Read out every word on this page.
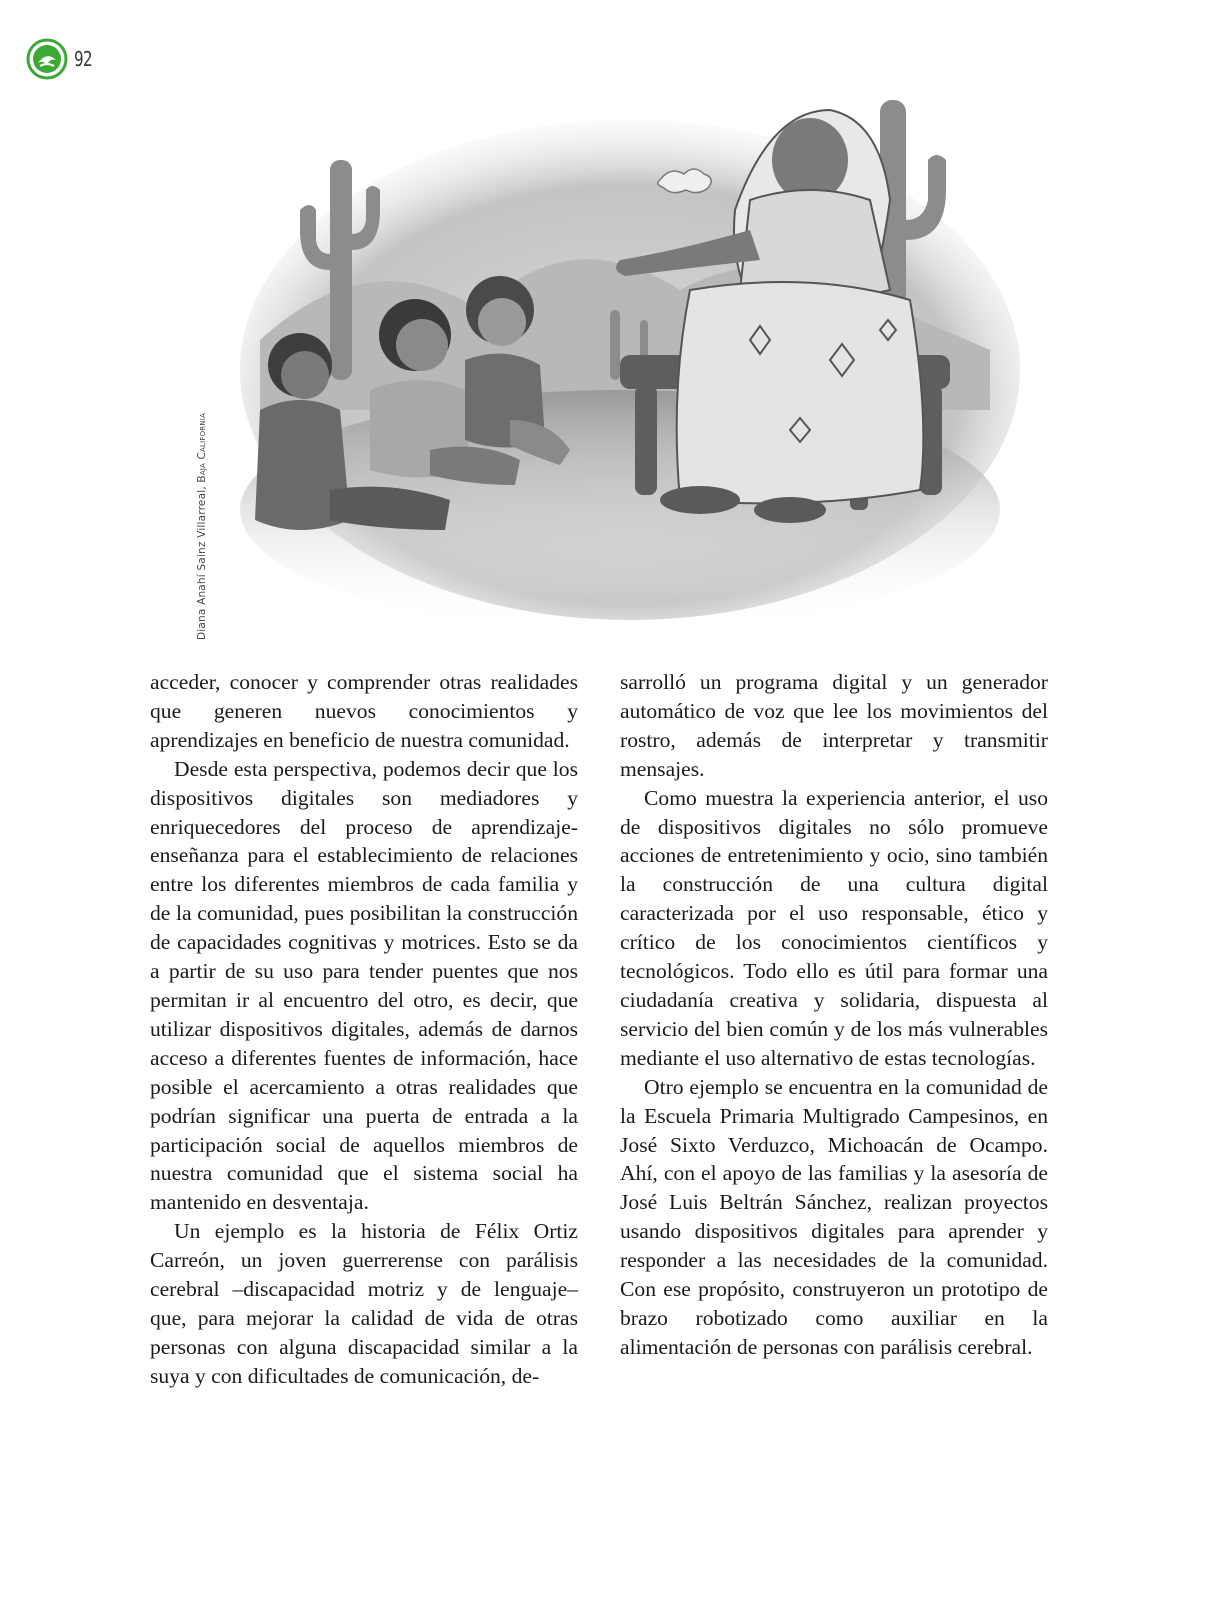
92
Diana Anahí Sainz Villarreal, Baja California

acceder, conocer y comprender otras realidades que generen nuevos conocimientos y aprendizajes en beneficio de nuestra comunidad.

Desde esta perspectiva, podemos decir que los dispositivos digitales son mediadores y enriquecedores del proceso de aprendizaje-enseñanza para el establecimiento de relaciones entre los diferentes miembros de cada familia y de la comunidad, pues posibilitan la construcción de capacidades cognitivas y motrices. Esto se da a partir de su uso para tender puentes que nos permitan ir al encuentro del otro, es decir, que utilizar dispositivos digitales, además de darnos acceso a diferentes fuentes de información, hace posible el acercamiento a otras realidades que podrían significar una puerta de entrada a la participación social de aquellos miembros de nuestra comunidad que el sistema social ha mantenido en desventaja.

Un ejemplo es la historia de Félix Ortiz Carreón, un joven guerrerense con parálisis cerebral –discapacidad motriz y de lenguaje– que, para mejorar la calidad de vida de otras personas con alguna discapacidad similar a la suya y con dificultades de comunicación, de-

sarrolló un programa digital y un generador automático de voz que lee los movimientos del rostro, además de interpretar y transmitir mensajes.

Como muestra la experiencia anterior, el uso de dispositivos digitales no sólo promueve acciones de entretenimiento y ocio, sino también la construcción de una cultura digital caracterizada por el uso responsable, ético y crítico de los conocimientos científicos y tecnológicos. Todo ello es útil para formar una ciudadanía creativa y solidaria, dispuesta al servicio del bien común y de los más vulnerables mediante el uso alternativo de estas tecnologías.

Otro ejemplo se encuentra en la comunidad de la Escuela Primaria Multigrado Campesinos, en José Sixto Verduzco, Michoacán de Ocampo. Ahí, con el apoyo de las familias y la asesoría de José Luis Beltrán Sánchez, realizan proyectos usando dispositivos digitales para aprender y responder a las necesidades de la comunidad. Con ese propósito, construyeron un prototipo de brazo robotizado como auxiliar en la alimentación de personas con parálisis cerebral.
